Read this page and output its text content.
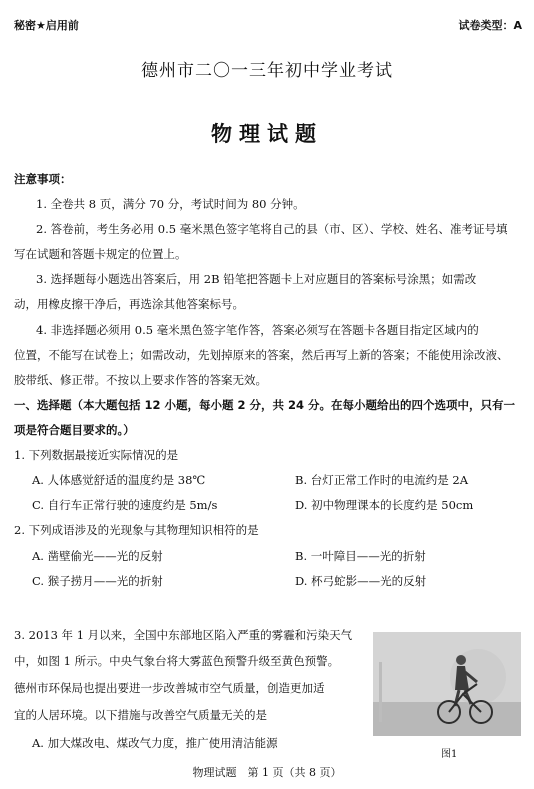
秘密★启用前	试卷类型：A
德州市二〇一三年初中学业考试
物理试题
注意事项：
1. 全卷共 8 页，满分 70 分，考试时间为 80 分钟。
2. 答卷前，考生务必用 0.5 毫米黑色签字笔将自己的县（市、区）、学校、姓名、准考证号填
写在试题和答题卡规定的位置上。
3. 选择题每小题选出答案后，用 2B 铅笔把答题卡上对应题目的答案标号涂黑；如需改
动，用橡皮擦干净后，再选涂其他答案标号。
4. 非选择题必须用 0.5 毫米黑色签字笔作答，答案必须写在答题卡各题目指定区域内的
位置，不能写在试卷上；如需改动，先划掉原来的答案，然后再写上新的答案；不能使用涂改液、
胶带纸、修正带。不按以上要求作答的答案无效。
一、选择题（本大题包括 12 小题，每小题 2 分，共 24 分。在每小题给出的四个选项中，只有一
项是符合题目要求的。）
1. 下列数据最接近实际情况的是
A. 人体感觉舒适的温度约是 38℃	B. 台灯正常工作时的电流约是 2A
C. 自行车正常行驶的速度约是 5m/s	D. 初中物理课本的长度约是 50cm
2. 下列成语涉及的光现象与其物理知识相符的是
A. 凿壁偷光——光的反射	B. 一叶障目——光的折射
C. 猴子捞月——光的折射	D. 杯弓蛇影——光的反射
3. 2013 年 1 月以来，全国中东部地区陷入严重的雾霾和污染天气
中，如图 1 所示。中央气象台将大雾蓝色预警升级至黄色预警。
德州市环保局也提出要进一步改善城市空气质量，创造更加适
宜的人居环境。以下措施与改善空气质量无关的是
A. 加大煤改电、煤改气力度，推广使用清洁能源
图1
物理试题　第 1 页（共 8 页）
